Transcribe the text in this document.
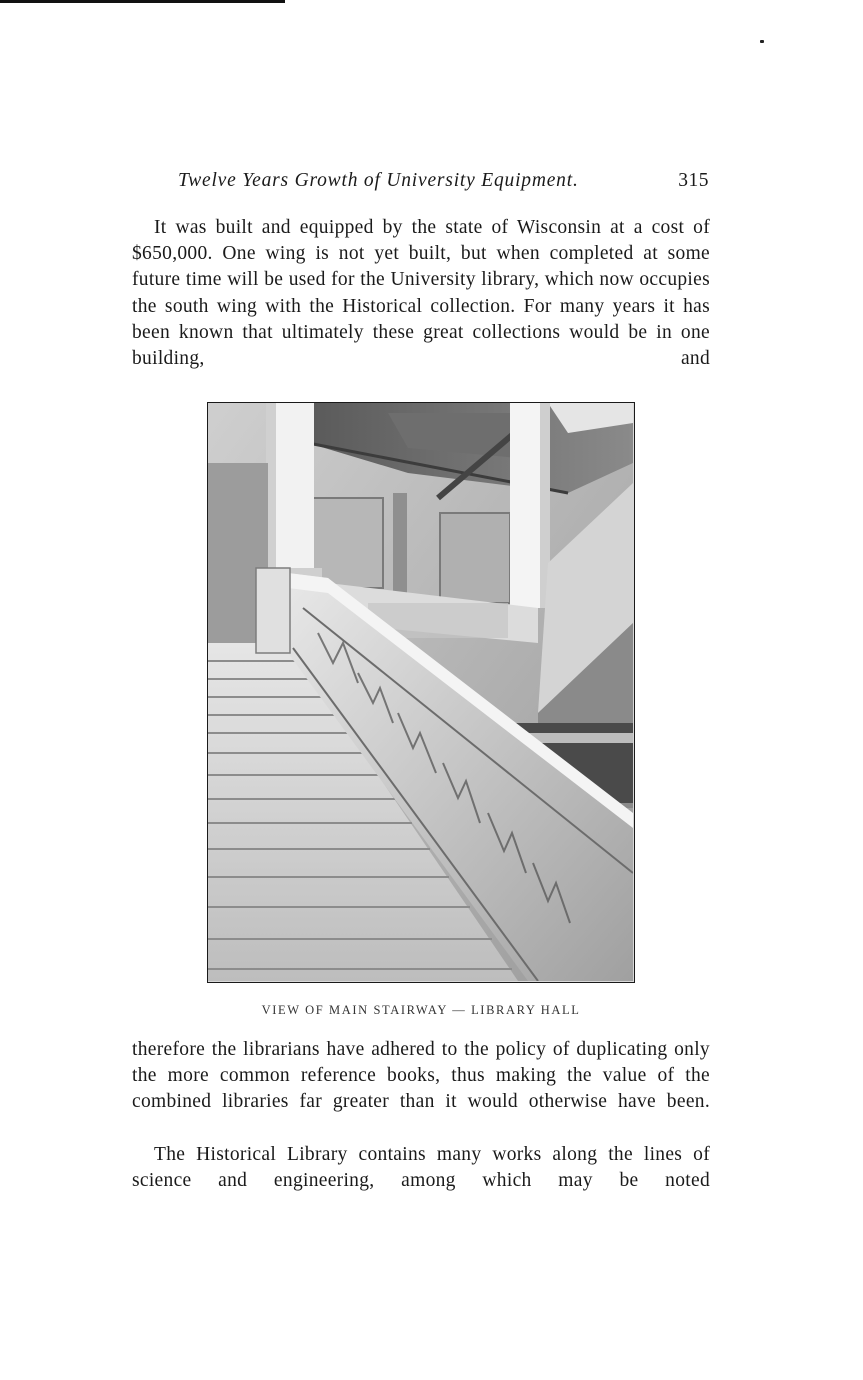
Twelve Years Growth of University Equipment.	315

It was built and equipped by the state of Wisconsin at a cost of $650,000. One wing is not yet built, but when completed at some future time will be used for the University library, which now occupies the south wing with the Historical collection. For many years it has been known that ultimately these great collections would be in one building, and

VIEW OF MAIN STAIRWAY — LIBRARY HALL

therefore the librarians have adhered to the policy of duplicating only the more common reference books, thus making the value of the combined libraries far greater than it would otherwise have been.

The Historical Library contains many works along the lines of science and engineering, among which may be noted
